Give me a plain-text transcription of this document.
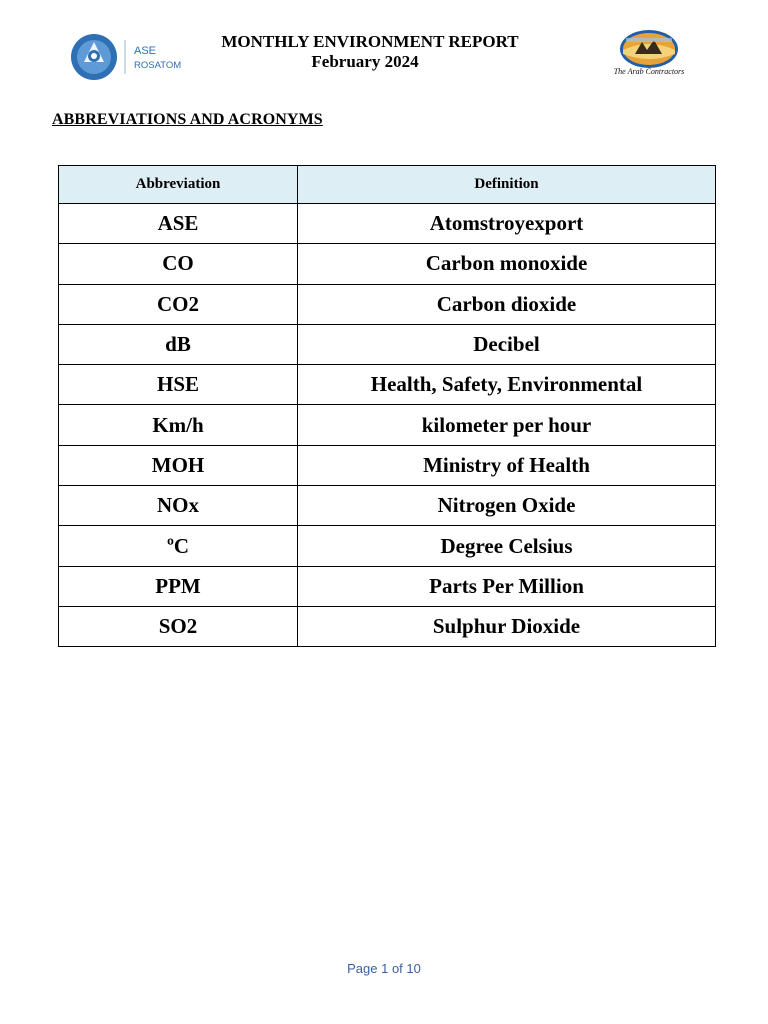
ASE
ROSATOM
MONTHLY ENVIRONMENT REPORT
February 2024
The Arab Contractors
ABBREVIATIONS AND ACRONYMS
Abbreviation	Definition
ASE	Atomstroyexport
CO	Carbon monoxide
CO2	Carbon dioxide
dB	Decibel
HSE	Health, Safety, Environmental
Km/h	kilometer per hour
MOH	Ministry of Health
NOx	Nitrogen Oxide
ºC	Degree Celsius
PPM	Parts Per Million
SO2	Sulphur Dioxide
Page 1 of 10
